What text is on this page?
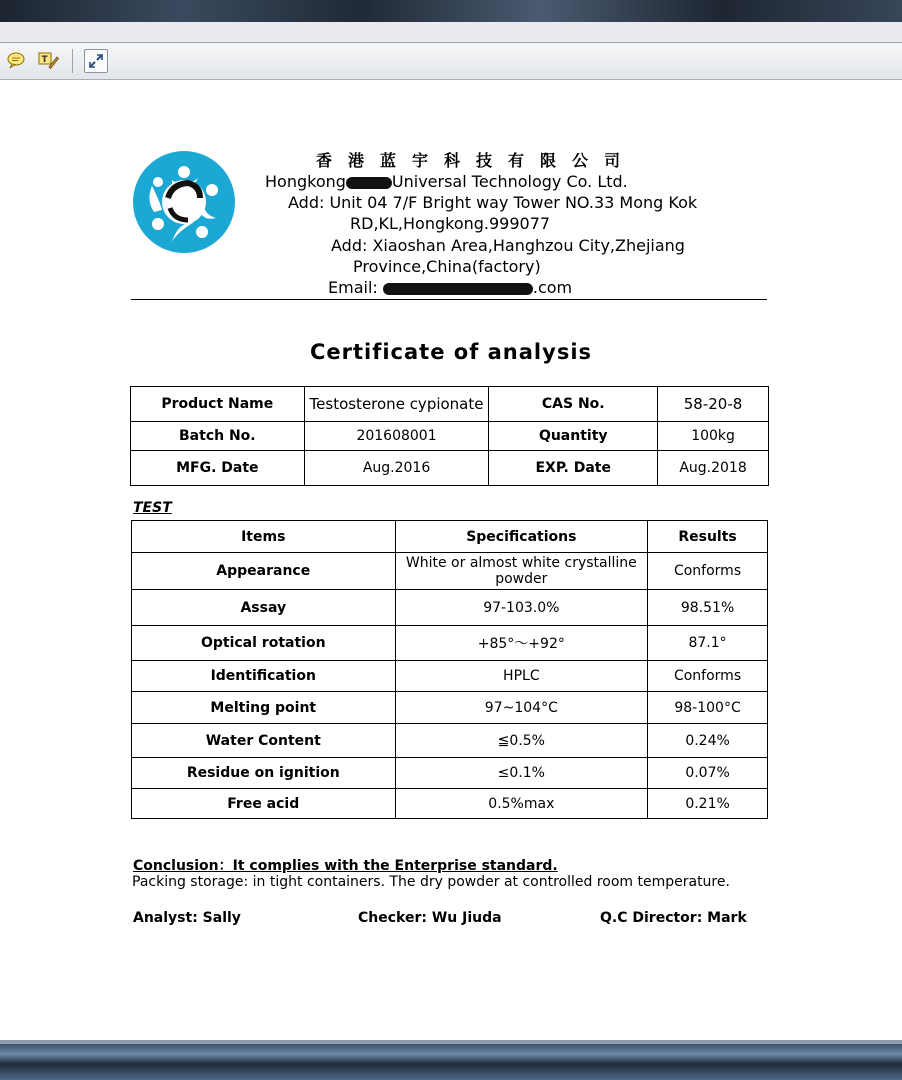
T
香港蓝宇科技有限公司
Hongkong	Universal Technology Co. Ltd.
Add: Unit 04 7/F Bright way Tower NO.33 Mong Kok
RD,KL,Hongkong.999077
Add: Xiaoshan Area,Hanghzou City,Zhejiang
Province,China(factory)
Email:	.com
Certificate of analysis
Product Name	Testosterone cypionate	CAS No.	58-20-8
Batch No.	201608001	Quantity	100kg
MFG. Date	Aug.2016	EXP. Date	Aug.2018
TEST
Items	Specifications	Results
Appearance	White or almost white crystalline powder	Conforms
Assay	97-103.0%	98.51%
Optical rotation	+85°～+92°	87.1°
Identification	HPLC	Conforms
Melting point	97~104°C	98-100°C
Water Content	≦0.5%	0.24%
Residue on ignition	≤0.1%	0.07%
Free acid	0.5%max	0.21%
Conclusion：It complies with the Enterprise standard.
Packing storage: in tight containers. The dry powder at controlled room temperature.
Analyst: Sally	Checker: Wu Jiuda	Q.C Director: Mark
